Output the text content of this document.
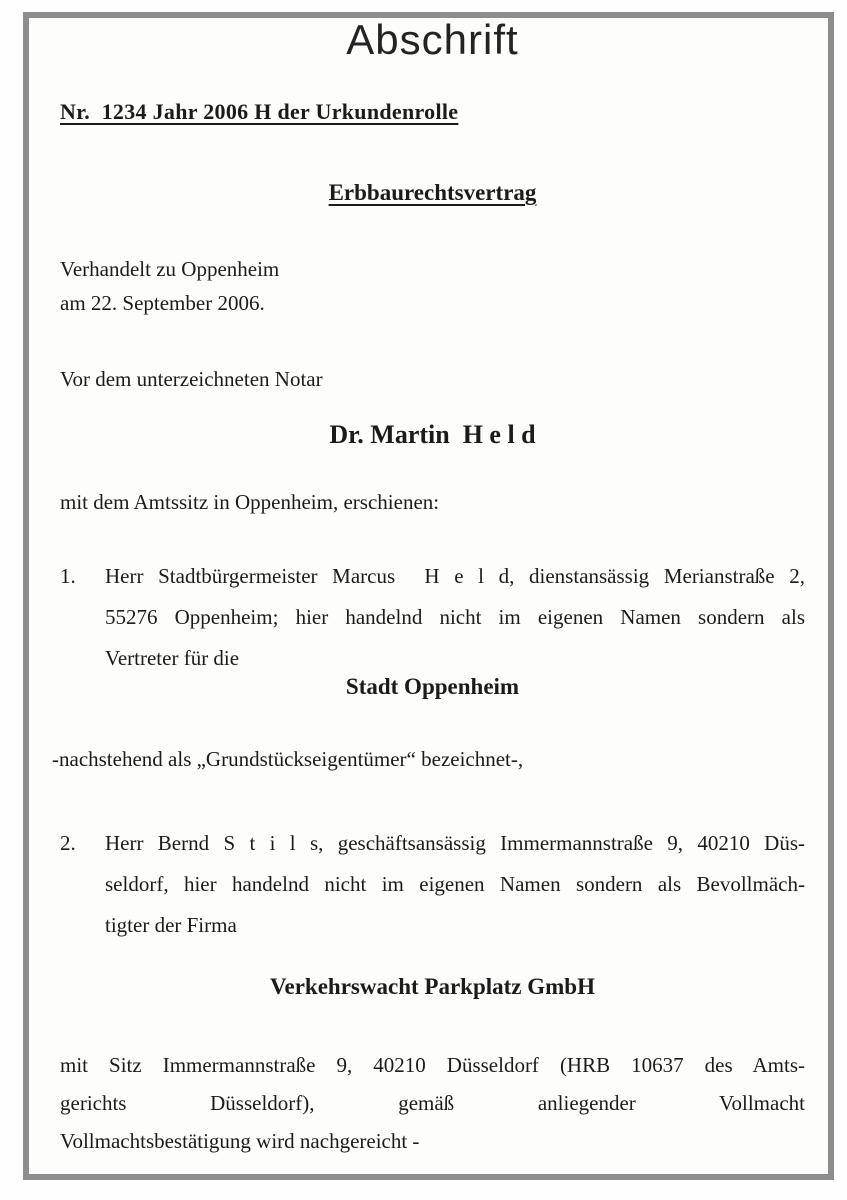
Abschrift
Nr.  1234 Jahr 2006 H der Urkundenrolle
Erbbaurechtsvertrag
Verhandelt zu Oppenheim
am 22. September 2006.
Vor dem unterzeichneten Notar
Dr. Martin  H e l d
mit dem Amtssitz in Oppenheim, erschienen:
1.	Herr Stadtbürgermeister Marcus  H e l d, dienstansässig Merianstraße 2,
55276 Oppenheim; hier handelnd nicht im eigenen Namen sondern als
Vertreter für die
Stadt Oppenheim
-nachstehend als „Grundstückseigentümer“ bezeichnet-,
2.	Herr Bernd S t i l s, geschäftsansässig Immermannstraße 9, 40210 Düs-
seldorf, hier handelnd nicht im eigenen Namen sondern als Bevollmäch-
tigter der Firma
Verkehrswacht Parkplatz GmbH
mit Sitz Immermannstraße 9, 40210 Düsseldorf (HRB 10637 des Amts-
gerichts Düsseldorf), gemäß anliegender Vollmacht
Vollmachtsbestätigung wird nachgereicht -
